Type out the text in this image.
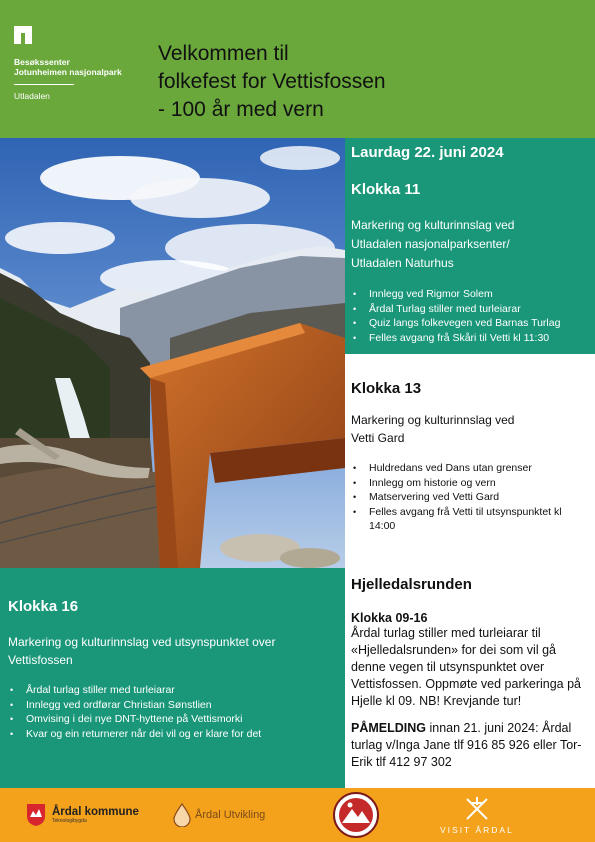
Besøkssenter
Jotunheimen nasjonalpark
Utladalen
Velkommen til
folkefest for Vettisfossen
- 100 år med vern
Laurdag 22. juni 2024
Klokka 11
Markering og kulturinnslag ved
Utladalen nasjonalparksenter/
Utladalen Naturhus
• Innlegg ved Rigmor Solem
• Årdal Turlag stiller med turleiarar
• Quiz langs folkevegen ved Barnas Turlag
• Felles avgang frå Skåri til Vetti kl 11:30
Klokka 13
Markering og kulturinnslag ved
Vetti Gard
• Huldredans ved Dans utan grenser
• Innlegg om historie og vern
• Matservering ved Vetti Gard
• Felles avgang frå Vetti til utsynspunktet kl 14:00
Klokka 16
Markering og kulturinnslag ved utsynspunktet over
Vettisfossen
• Årdal turlag stiller med turleiarar
• Innlegg ved ordførar Christian Sønstlien
• Omvising i dei nye DNT-hyttene på Vettismorki
• Kvar og ein returnerer når dei vil og er klare for det
Hjelledalsrunden
Klokka 09-16
Årdal turlag stiller med turleiarar til «Hjelledalsrunden» for dei som vil gå denne vegen til utsynspunktet over Vettisfossen. Oppmøte ved parkeringa på Hjelle kl 09. NB! Krevjande tur!
PÅMELDING innan 21. juni 2024: Årdal turlag v/Inga Jane tlf 916 85 926 eller Tor-Erik tlf 412 97 302
Årdal kommune
Teknologibygda	Årdal Utvikling
VISIT ÅRDAL
